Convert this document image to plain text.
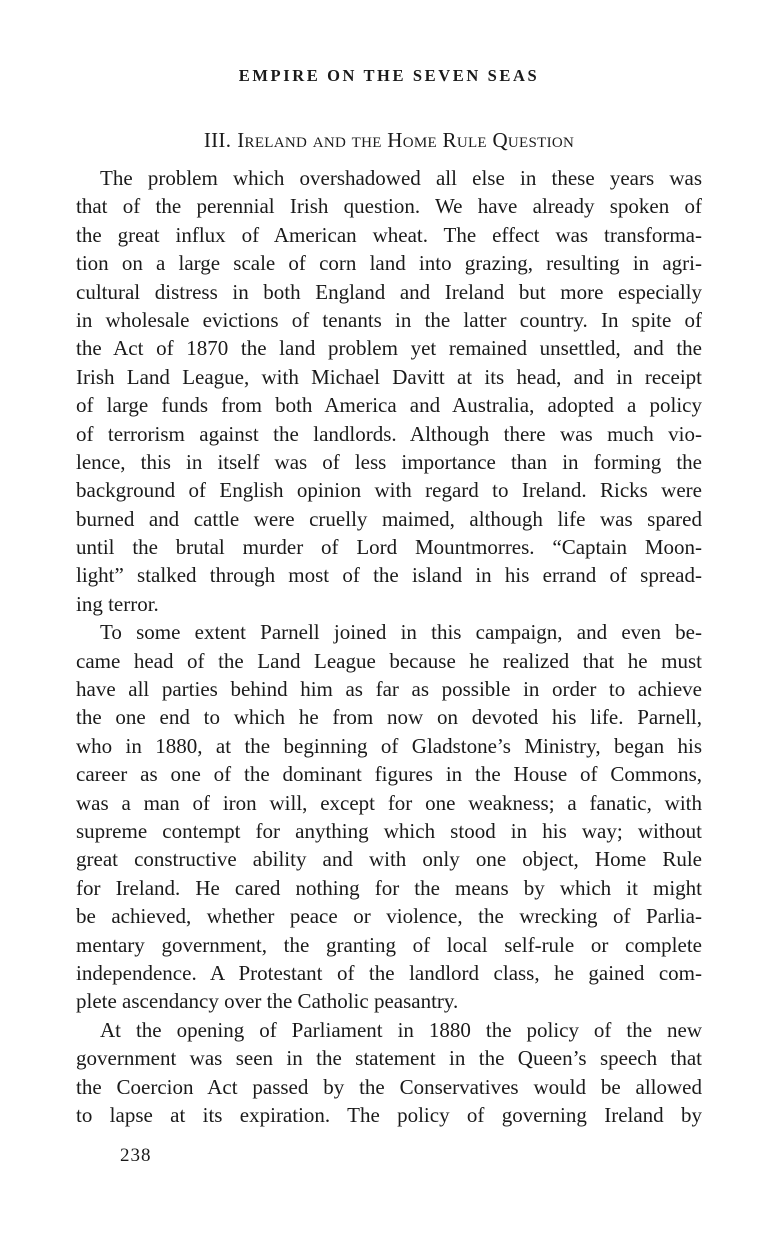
EMPIRE ON THE SEVEN SEAS
III. Ireland and the Home Rule Question
The problem which overshadowed all else in these years was
that of the perennial Irish question. We have already spoken of
the great influx of American wheat. The effect was transforma-
tion on a large scale of corn land into grazing, resulting in agri-
cultural distress in both England and Ireland but more especially
in wholesale evictions of tenants in the latter country. In spite of
the Act of 1870 the land problem yet remained unsettled, and the
Irish Land League, with Michael Davitt at its head, and in receipt
of large funds from both America and Australia, adopted a policy
of terrorism against the landlords. Although there was much vio-
lence, this in itself was of less importance than in forming the
background of English opinion with regard to Ireland. Ricks were
burned and cattle were cruelly maimed, although life was spared
until the brutal murder of Lord Mountmorres. “Captain Moon-
light” stalked through most of the island in his errand of spread-
ing terror.
To some extent Parnell joined in this campaign, and even be-
came head of the Land League because he realized that he must
have all parties behind him as far as possible in order to achieve
the one end to which he from now on devoted his life. Parnell,
who in 1880, at the beginning of Gladstone’s Ministry, began his
career as one of the dominant figures in the House of Commons,
was a man of iron will, except for one weakness; a fanatic, with
supreme contempt for anything which stood in his way; without
great constructive ability and with only one object, Home Rule
for Ireland. He cared nothing for the means by which it might
be achieved, whether peace or violence, the wrecking of Parlia-
mentary government, the granting of local self-rule or complete
independence. A Protestant of the landlord class, he gained com-
plete ascendancy over the Catholic peasantry.
At the opening of Parliament in 1880 the policy of the new
government was seen in the statement in the Queen’s speech that
the Coercion Act passed by the Conservatives would be allowed
to lapse at its expiration. The policy of governing Ireland by
238
